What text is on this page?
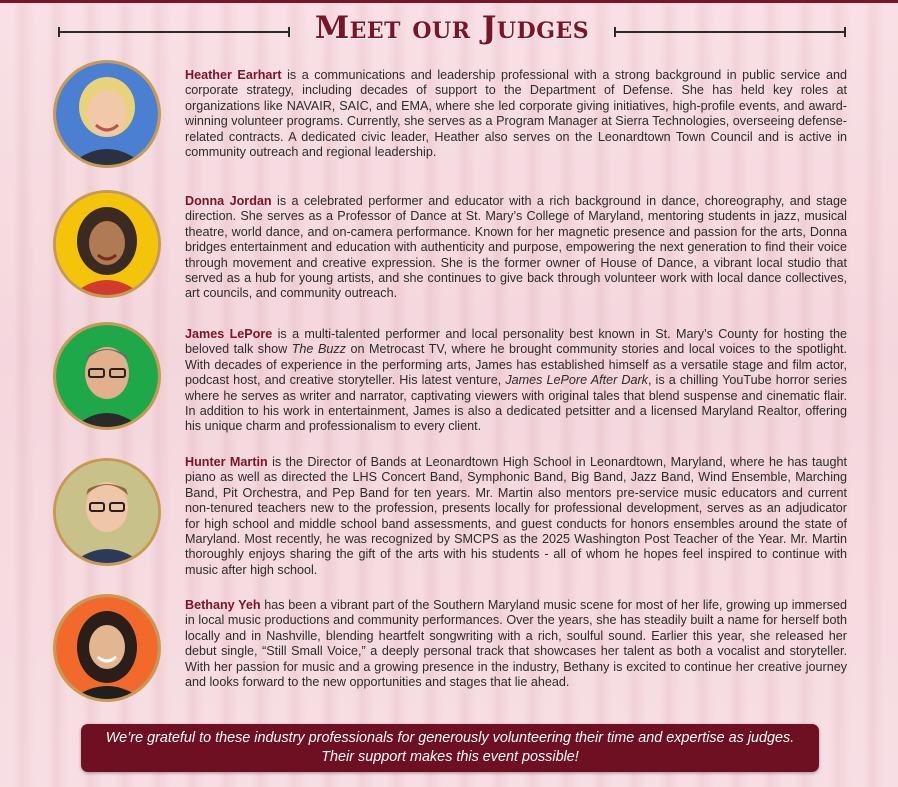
Meet our Judges

Heather Earhart is a communications and leadership professional with a strong background in public service and corporate strategy, including decades of support to the Department of Defense. She has held key roles at organizations like NAVAIR, SAIC, and EMA, where she led corporate giving initiatives, high-profile events, and award-winning volunteer programs. Currently, she serves as a Program Manager at Sierra Technologies, overseeing defense-related contracts. A dedicated civic leader, Heather also serves on the Leonardtown Town Council and is active in community outreach and regional leadership.

Donna Jordan is a celebrated performer and educator with a rich background in dance, choreography, and stage direction. She serves as a Professor of Dance at St. Mary’s College of Maryland, mentoring students in jazz, musical theatre, world dance, and on-camera performance. Known for her magnetic presence and passion for the arts, Donna bridges entertainment and education with authenticity and purpose, empowering the next generation to find their voice through movement and creative expression. She is the former owner of House of Dance, a vibrant local studio that served as a hub for young artists, and she continues to give back through volunteer work with local dance collectives, art councils, and community outreach.

James LePore is a multi-talented performer and local personality best known in St. Mary’s County for hosting the beloved talk show The Buzz on Metrocast TV, where he brought community stories and local voices to the spotlight. With decades of experience in the performing arts, James has established himself as a versatile stage and film actor, podcast host, and creative storyteller. His latest venture, James LePore After Dark, is a chilling YouTube horror series where he serves as writer and narrator, captivating viewers with original tales that blend suspense and cinematic flair. In addition to his work in entertainment, James is also a dedicated petsitter and a licensed Maryland Realtor, offering his unique charm and professionalism to every client.

Hunter Martin is the Director of Bands at Leonardtown High School in Leonardtown, Maryland, where he has taught piano as well as directed the LHS Concert Band, Symphonic Band, Big Band, Jazz Band, Wind Ensemble, Marching Band, Pit Orchestra, and Pep Band for ten years. Mr. Martin also mentors pre-service music educators and current non-tenured teachers new to the profession, presents locally for professional development, serves as an adjudicator for high school and middle school band assessments, and guest conducts for honors ensembles around the state of Maryland. Most recently, he was recognized by SMCPS as the 2025 Washington Post Teacher of the Year. Mr. Martin thoroughly enjoys sharing the gift of the arts with his students - all of whom he hopes feel inspired to continue with music after high school.

Bethany Yeh has been a vibrant part of the Southern Maryland music scene for most of her life, growing up immersed in local music productions and community performances. Over the years, she has steadily built a name for herself both locally and in Nashville, blending heartfelt songwriting with a rich, soulful sound. Earlier this year, she released her debut single, “Still Small Voice,” a deeply personal track that showcases her talent as both a vocalist and storyteller. With her passion for music and a growing presence in the industry, Bethany is excited to continue her creative journey and looks forward to the new opportunities and stages that lie ahead.

We’re grateful to these industry professionals for generously volunteering their time and expertise as judges.
Their support makes this event possible!
